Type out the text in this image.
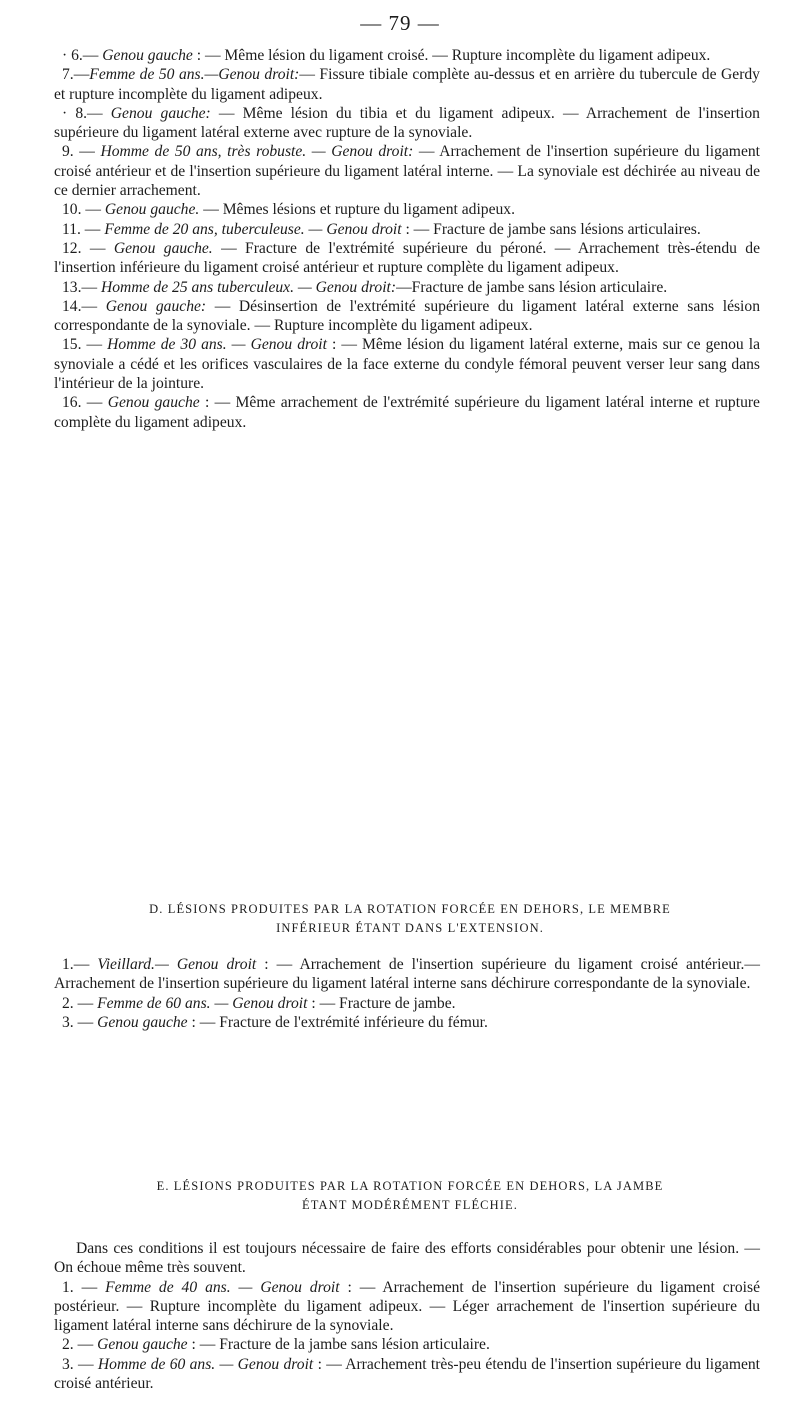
— 79 —

· 6.— Genou gauche : — Même lésion du ligament croisé. — Rupture incomplète du ligament adipeux.

7.—Femme de 50 ans.—Genou droit:— Fissure tibiale complète au-dessus et en arrière du tubercule de Gerdy et rupture incomplète du ligament adipeux.

· 8.— Genou gauche: — Même lésion du tibia et du ligament adipeux. — Arrachement de l'insertion supérieure du ligament latéral externe avec rupture de la synoviale.

9. — Homme de 50 ans, très robuste. — Genou droit: — Arrachement de l'insertion supérieure du ligament croisé antérieur et de l'insertion supérieure du ligament latéral interne. — La synoviale est déchirée au niveau de ce dernier arrachement.

10. — Genou gauche. — Mêmes lésions et rupture du ligament adipeux.

11. — Femme de 20 ans, tuberculeuse. — Genou droit : — Fracture de jambe sans lésions articulaires.

12. — Genou gauche. — Fracture de l'extrémité supérieure du péroné. — Arrachement très-étendu de l'insertion inférieure du ligament croisé antérieur et rupture complète du ligament adipeux.

13.— Homme de 25 ans tuberculeux. — Genou droit:—Fracture de jambe sans lésion articulaire.

14.— Genou gauche: — Désinsertion de l'extrémité supérieure du ligament latéral externe sans lésion correspondante de la synoviale. — Rupture incomplète du ligament adipeux.

15. — Homme de 30 ans. — Genou droit : — Même lésion du ligament latéral externe, mais sur ce genou la synoviale a cédé et les orifices vasculaires de la face externe du condyle fémoral peuvent verser leur sang dans l'intérieur de la jointure.

16. — Genou gauche : — Même arrachement de l'extrémité supérieure du ligament latéral interne et rupture complète du ligament adipeux.

D. LÉSIONS PRODUITES PAR LA ROTATION FORCÉE EN DEHORS, LE MEMBRE
INFÉRIEUR ÉTANT DANS L'EXTENSION.

1.— Vieillard.— Genou droit : — Arrachement de l'insertion supérieure du ligament croisé antérieur.— Arrachement de l'insertion supérieure du ligament latéral interne sans déchirure correspondante de la synoviale.

2. — Femme de 60 ans. — Genou droit : — Fracture de jambe.

3. — Genou gauche : — Fracture de l'extrémité inférieure du fémur.

E. LÉSIONS PRODUITES PAR LA ROTATION FORCÉE EN DEHORS, LA JAMBE
ÉTANT MODÉRÉMENT FLÉCHIE.

Dans ces conditions il est toujours nécessaire de faire des efforts considérables pour obtenir une lésion. — On échoue même très souvent.

1. — Femme de 40 ans. — Genou droit : — Arrachement de l'insertion supérieure du ligament croisé postérieur. — Rupture incomplète du ligament adipeux. — Léger arrachement de l'insertion supérieure du ligament latéral interne sans déchirure de la synoviale.

2. — Genou gauche : — Fracture de la jambe sans lésion articulaire.

3. — Homme de 60 ans. — Genou droit : — Arrachement très-peu étendu de l'insertion supérieure du ligament croisé antérieur.
